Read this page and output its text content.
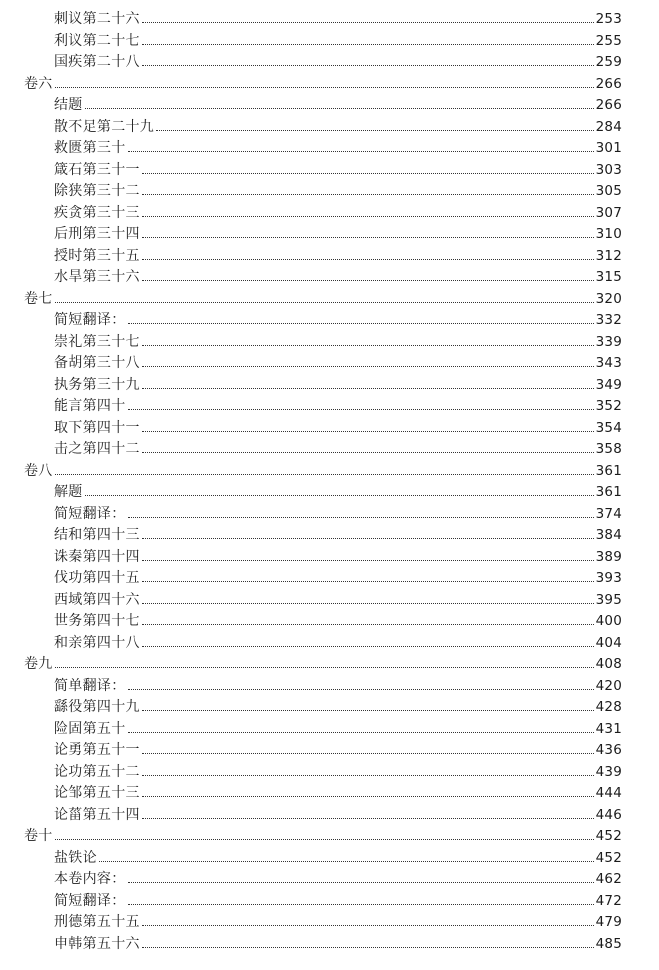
刺议第二十六	253
利议第二十七	255
国疾第二十八	259
卷六	266
结题	266
散不足第二十九	284
救匮第三十	301
箴石第三十一	303
除狭第三十二	305
疾贪第三十三	307
后刑第三十四	310
授时第三十五	312
水旱第三十六	315
卷七	320
简短翻译：	332
崇礼第三十七	339
备胡第三十八	343
执务第三十九	349
能言第四十	352
取下第四十一	354
击之第四十二	358
卷八	361
解题	361
简短翻译：	374
结和第四十三	384
诛秦第四十四	389
伐功第四十五	393
西域第四十六	395
世务第四十七	400
和亲第四十八	404
卷九	408
简单翻译：	420
繇役第四十九	428
险固第五十	431
论勇第五十一	436
论功第五十二	439
论邹第五十三	444
论菑第五十四	446
卷十	452
盐铁论	452
本卷内容：	462
简短翻译：	472
刑德第五十五	479
申韩第五十六	485
